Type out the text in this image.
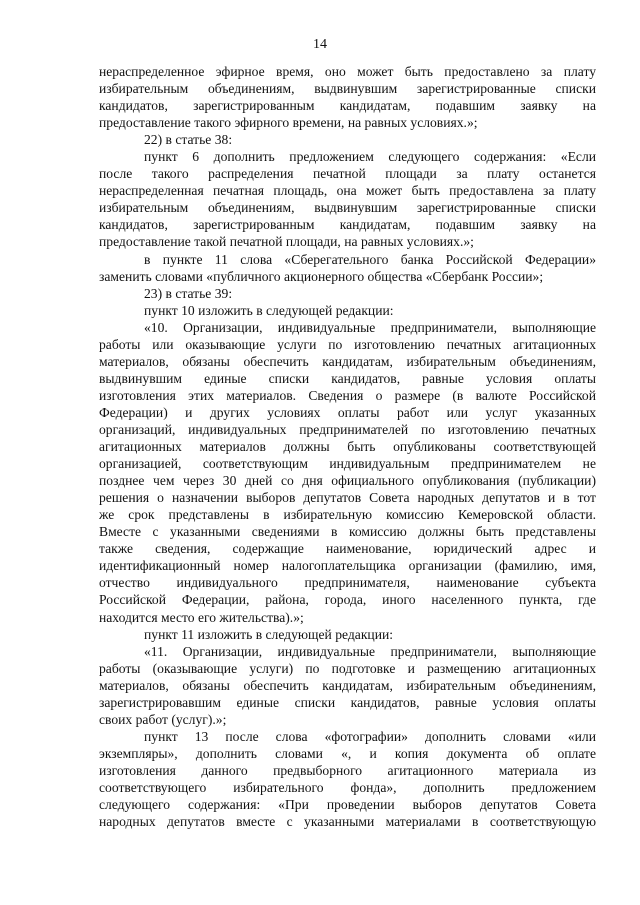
14
нераспределенное эфирное время, оно может быть предоставлено за плату
избирательным объединениям, выдвинувшим зарегистрированные списки
кандидатов, зарегистрированным кандидатам, подавшим заявку на
предоставление такого эфирного времени, на равных условиях.»;
22) в статье 38:
пункт 6 дополнить предложением следующего содержания: «Если
после такого распределения печатной площади за плату останется
нераспределенная печатная площадь, она может быть предоставлена за плату
избирательным объединениям, выдвинувшим зарегистрированные списки
кандидатов, зарегистрированным кандидатам, подавшим заявку на
предоставление такой печатной площади, на равных условиях.»;
в пункте 11 слова «Сберегательного банка Российской Федерации»
заменить словами «публичного акционерного общества «Сбербанк России»;
23) в статье 39:
пункт 10 изложить в следующей редакции:
«10. Организации, индивидуальные предприниматели, выполняющие
работы или оказывающие услуги по изготовлению печатных агитационных
материалов, обязаны обеспечить кандидатам, избирательным объединениям,
выдвинувшим единые списки кандидатов, равные условия оплаты
изготовления этих материалов. Сведения о размере (в валюте Российской
Федерации) и других условиях оплаты работ или услуг указанных
организаций, индивидуальных предпринимателей по изготовлению печатных
агитационных материалов должны быть опубликованы соответствующей
организацией, соответствующим индивидуальным предпринимателем не
позднее чем через 30 дней со дня официального опубликования (публикации)
решения о назначении выборов депутатов Совета народных депутатов и в тот
же срок представлены в избирательную комиссию Кемеровской области.
Вместе с указанными сведениями в комиссию должны быть представлены
также сведения, содержащие наименование, юридический адрес и
идентификационный номер налогоплательщика организации (фамилию, имя,
отчество индивидуального предпринимателя, наименование субъекта
Российской Федерации, района, города, иного населенного пункта, где
находится место его жительства).»;
пункт 11 изложить в следующей редакции:
«11. Организации, индивидуальные предприниматели, выполняющие
работы (оказывающие услуги) по подготовке и размещению агитационных
материалов, обязаны обеспечить кандидатам, избирательным объединениям,
зарегистрировавшим единые списки кандидатов, равные условия оплаты
своих работ (услуг).»;
пункт 13 после слова «фотографии» дополнить словами «или
экземпляры», дополнить словами «, и копия документа об оплате
изготовления данного предвыборного агитационного материала из
соответствующего избирательного фонда», дополнить предложением
следующего содержания: «При проведении выборов депутатов Совета
народных депутатов вместе с указанными материалами в соответствующую
